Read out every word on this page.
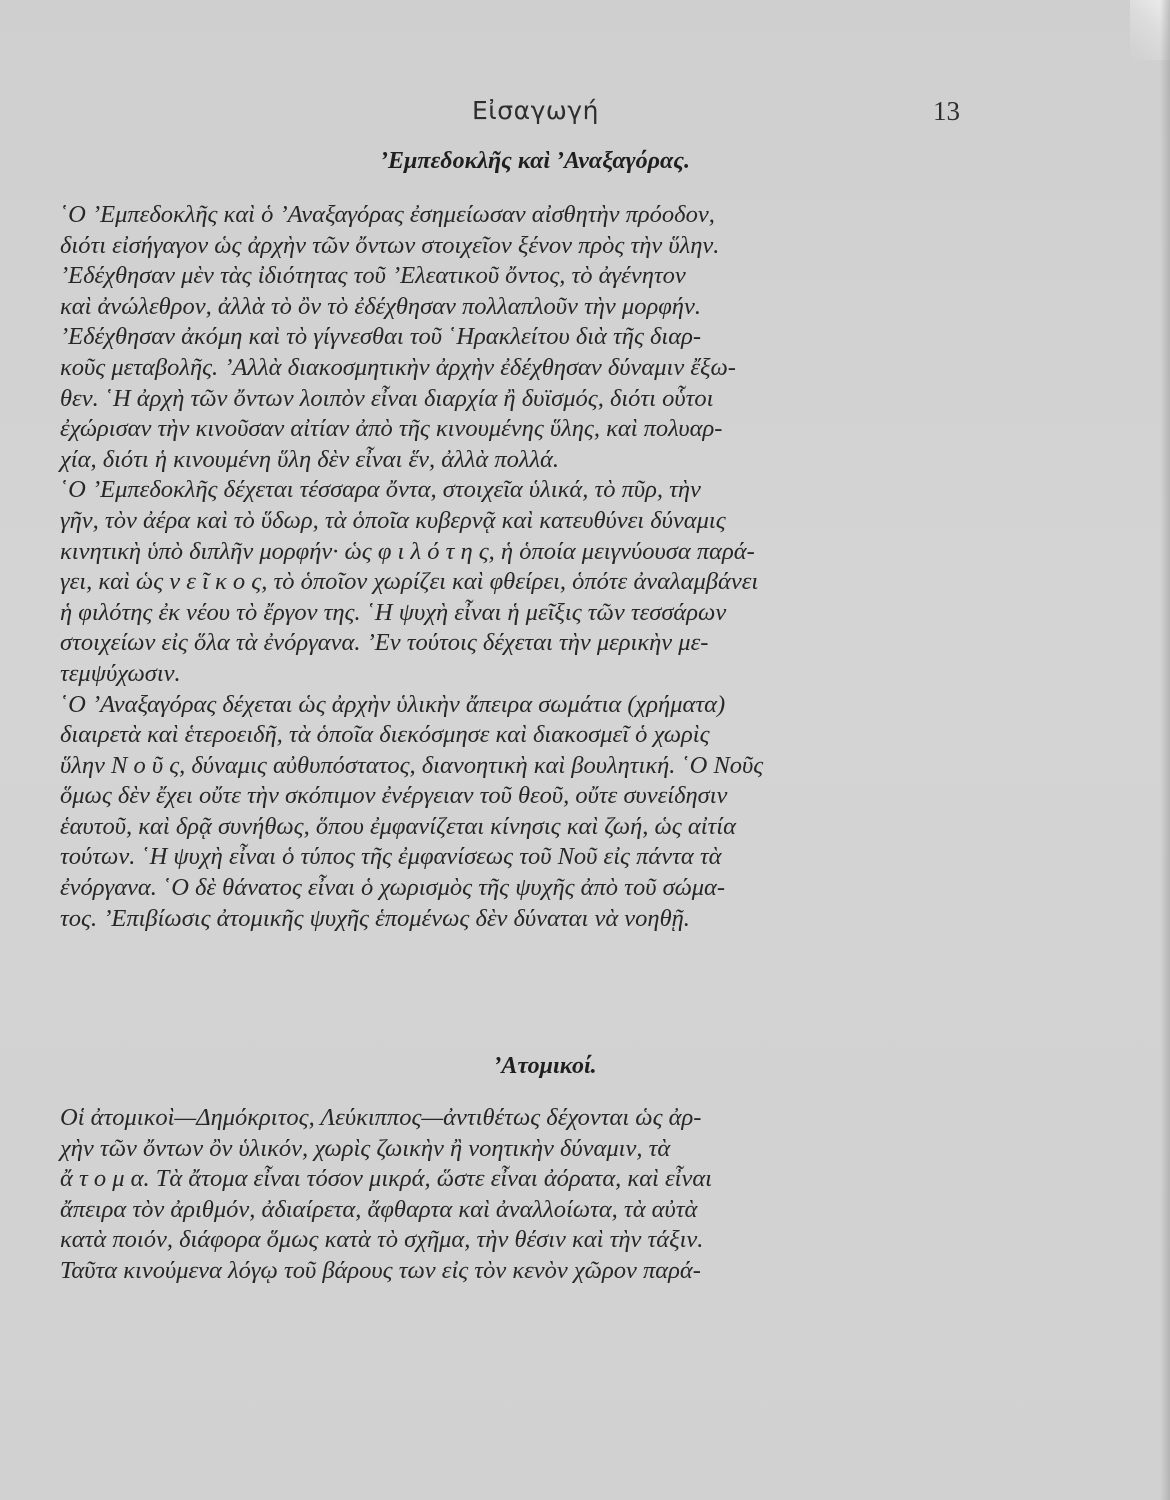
Εἰσαγωγή	13
’Εμπεδοκλῆς καὶ ’Αναξαγόρας.
῾Ο ’Εμπεδοκλῆς καὶ ὁ ’Αναξαγόρας ἐσημείωσαν αἰσθητὴν πρόοδον,
διότι εἰσήγαγον ὡς ἀρχὴν τῶν ὄντων στοιχεῖον ξένον πρὸς τὴν ὕλην.
’Εδέχθησαν μὲν τὰς ἰδιότητας τοῦ ’Ελεατικοῦ ὄντος, τὸ ἀγένητον
καὶ ἀνώλεθρον, ἀλλὰ τὸ ὂν τὸ ἐδέχθησαν πολλαπλοῦν τὴν μορφήν.
’Εδέχθησαν ἀκόμη καὶ τὸ γίγνεσθαι τοῦ ῾Ηρακλείτου διὰ τῆς διαρ-
κοῦς μεταβολῆς. ’Αλλὰ διακοσμητικὴν ἀρχὴν ἐδέχθησαν δύναμιν ἔξω-
θεν. ῾Η ἀρχὴ τῶν ὄντων λοιπὸν εἶναι διαρχία ἢ δυϊσμός, διότι οὗτοι
ἐχώρισαν τὴν κινοῦσαν αἰτίαν ἀπὸ τῆς κινουμένης ὕλης, καὶ πολυαρ-
χία, διότι ἡ κινουμένη ὕλη δὲν εἶναι ἕν, ἀλλὰ πολλά.
῾Ο ’Εμπεδοκλῆς δέχεται τέσσαρα ὄντα, στοιχεῖα ὑλικά, τὸ πῦρ, τὴν
γῆν, τὸν ἀέρα καὶ τὸ ὕδωρ, τὰ ὁποῖα κυβερνᾷ καὶ κατευθύνει δύναμις
κινητικὴ ὑπὸ διπλῆν μορφήν· ὡς φ ι λ ό τ η ς, ἡ ὁποία μειγνύουσα παρά-
γει, καὶ ὡς ν ε ῖ κ ο ς, τὸ ὁποῖον χωρίζει καὶ φθείρει, ὁπότε ἀναλαμβάνει
ἡ φιλότης ἐκ νέου τὸ ἔργον της. ῾Η ψυχὴ εἶναι ἡ μεῖξις τῶν τεσσάρων
στοιχείων εἰς ὅλα τὰ ἐνόργανα. ’Εν τούτοις δέχεται τὴν μερικὴν με-
τεμψύχωσιν.
῾Ο ’Αναξαγόρας δέχεται ὡς ἀρχὴν ὑλικὴν ἄπειρα σωμάτια (χρήματα)
διαιρετὰ καὶ ἑτεροειδῆ, τὰ ὁποῖα διεκόσμησε καὶ διακοσμεῖ ὁ χωρὶς
ὕλην Ν ο ῦ ς, δύναμις αὐθυπόστατος, διανοητικὴ καὶ βουλητική. ῾Ο Νοῦς
ὅμως δὲν ἔχει οὔτε τὴν σκόπιμον ἐνέργειαν τοῦ θεοῦ, οὔτε συνείδησιν
ἑαυτοῦ, καὶ δρᾷ συνήθως, ὅπου ἐμφανίζεται κίνησις καὶ ζωή, ὡς αἰτία
τούτων. ῾Η ψυχὴ εἶναι ὁ τύπος τῆς ἐμφανίσεως τοῦ Νοῦ εἰς πάντα τὰ
ἐνόργανα. ῾Ο δὲ θάνατος εἶναι ὁ χωρισμὸς τῆς ψυχῆς ἀπὸ τοῦ σώμα-
τος. ’Επιβίωσις ἀτομικῆς ψυχῆς ἑπομένως δὲν δύναται νὰ νοηθῇ.
’Ατομικοί.
Οἱ ἀτομικοὶ—Δημόκριτος, Λεύκιππος—ἀντιθέτως δέχονται ὡς ἀρ-
χὴν τῶν ὄντων ὂν ὑλικόν, χωρὶς ζωικὴν ἢ νοητικὴν δύναμιν, τὰ
ἄ τ ο μ α. Τὰ ἄτομα εἶναι τόσον μικρά, ὥστε εἶναι ἀόρατα, καὶ εἶναι
ἄπειρα τὸν ἀριθμόν, ἀδιαίρετα, ἄφθαρτα καὶ ἀναλλοίωτα, τὰ αὐτὰ
κατὰ ποιόν, διάφορα ὅμως κατὰ τὸ σχῆμα, τὴν θέσιν καὶ τὴν τάξιν.
Ταῦτα κινούμενα λόγῳ τοῦ βάρους των εἰς τὸν κενὸν χῶρον παρά-
